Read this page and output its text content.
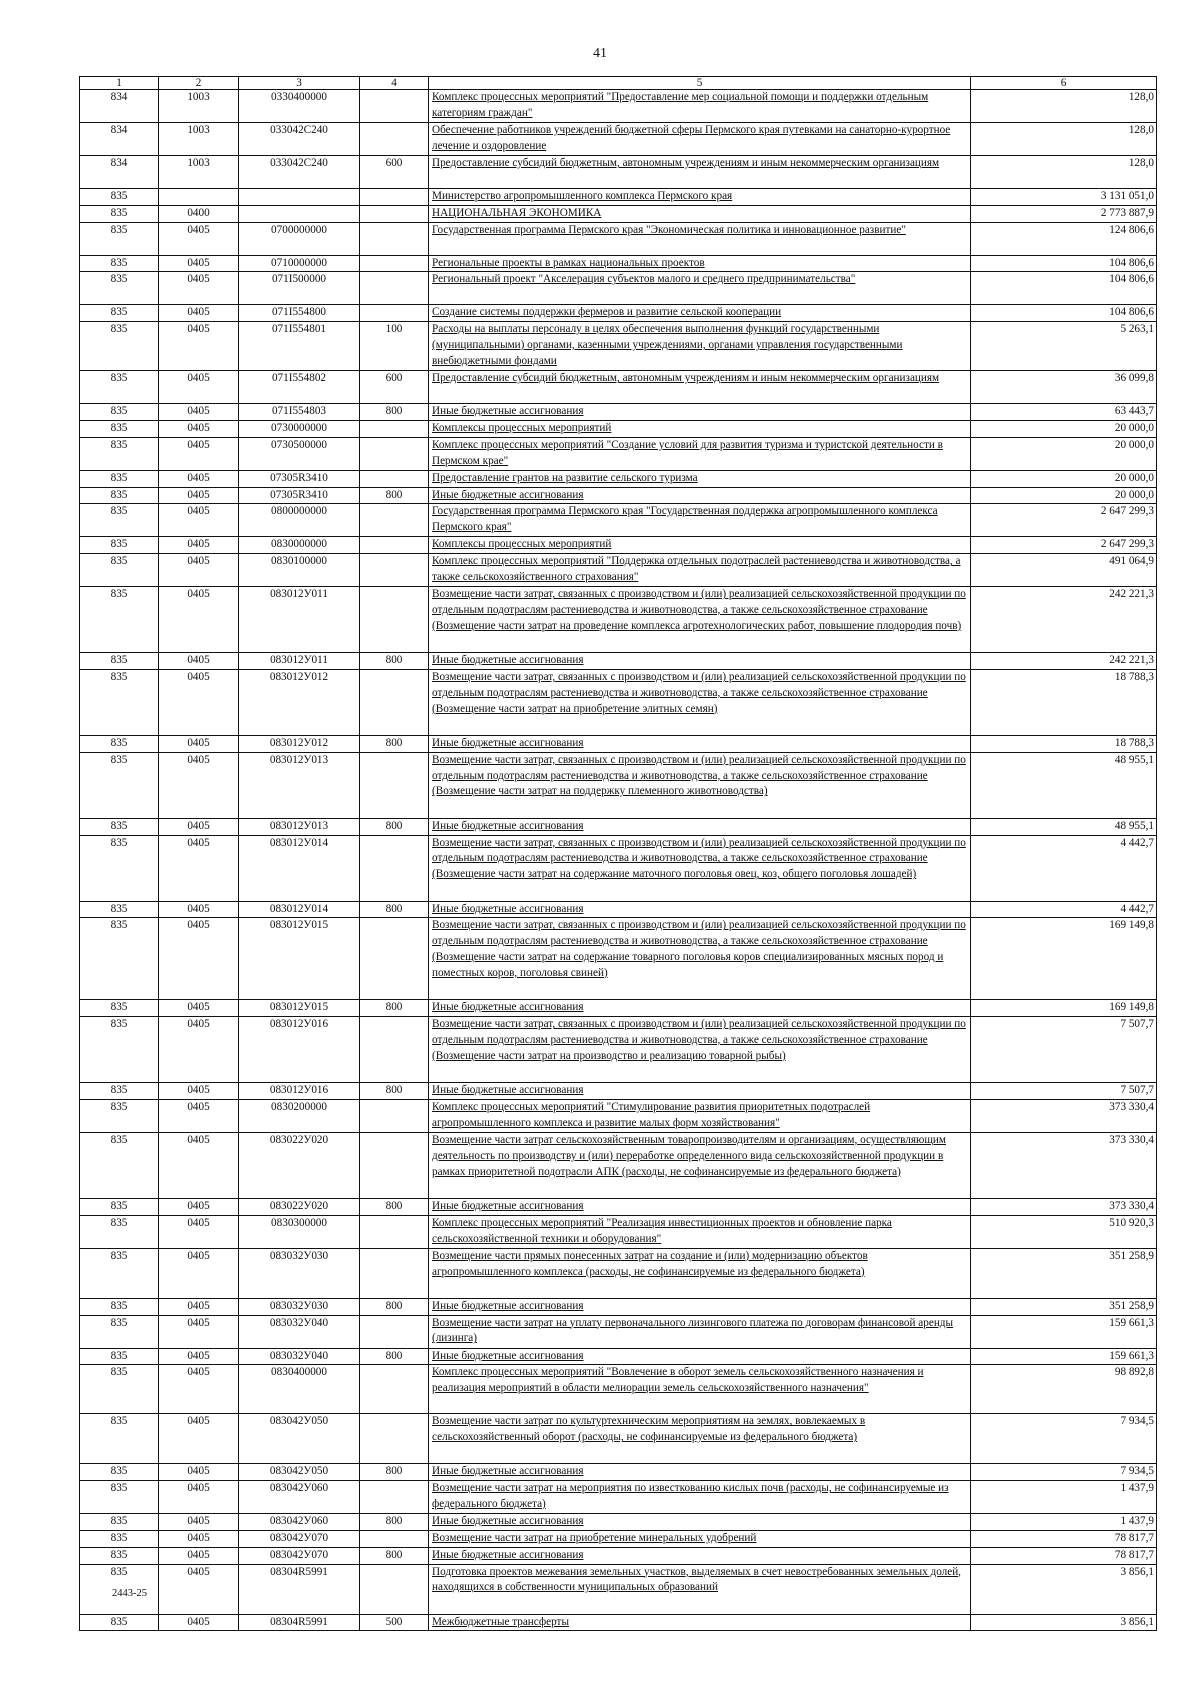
41
1	2	3	4	5	6
834	1003	0330400000		Комплекс процессных мероприятий "Предоставление мер социальной помощи и поддержки отдельным категориям граждан"	128,0
834	1003	033042С240		Обеспечение работников учреждений бюджетной сферы Пермского края путевками на санаторно-курортное лечение и оздоровление	128,0
834	1003	033042С240	600	Предоставление субсидий бюджетным, автономным учреждениям и иным некоммерческим организациям	128,0
835				Министерство агропромышленного комплекса Пермского края	3 131 051,0
835	0400			НАЦИОНАЛЬНАЯ ЭКОНОМИКА	2 773 887,9
835	0405	0700000000		Государственная программа Пермского края "Экономическая политика и инновационное развитие"	124 806,6
835	0405	0710000000		Региональные проекты в рамках национальных проектов	104 806,6
835	0405	071I500000		Региональный проект "Акселерация субъектов малого и среднего предпринимательства"	104 806,6
835	0405	071I554800		Создание системы поддержки фермеров и развитие сельской кооперации	104 806,6
835	0405	071I554801	100	Расходы на выплаты персоналу в целях обеспечения выполнения функций государственными (муниципальными) органами, казенными учреждениями, органами управления государственными внебюджетными фондами	5 263,1
835	0405	071I554802	600	Предоставление субсидий бюджетным, автономным учреждениям и иным некоммерческим организациям	36 099,8
835	0405	071I554803	800	Иные бюджетные ассигнования	63 443,7
835	0405	0730000000		Комплексы процессных мероприятий	20 000,0
835	0405	0730500000		Комплекс процессных мероприятий "Создание условий для развития туризма и туристской деятельности в Пермском крае"	20 000,0
835	0405	07305R3410		Предоставление грантов на развитие сельского туризма	20 000,0
835	0405	07305R3410	800	Иные бюджетные ассигнования	20 000,0
835	0405	0800000000		Государственная программа Пермского края "Государственная поддержка агропромышленного комплекса Пермского края"	2 647 299,3
835	0405	0830000000		Комплексы процессных мероприятий	2 647 299,3
835	0405	0830100000		Комплекс процессных мероприятий "Поддержка отдельных подотраслей растениеводства и животноводства, а также сельскохозяйственного страхования"	491 064,9
835	0405	083012У011		Возмещение части затрат, связанных с производством и (или) реализацией сельскохозяйственной продукции по отдельным подотраслям растениеводства и животноводства, а также сельскохозяйственное страхование (Возмещение части затрат на проведение комплекса агротехнологических работ, повышение плодородия почв)	242 221,3
835	0405	083012У011	800	Иные бюджетные ассигнования	242 221,3
835	0405	083012У012		Возмещение части затрат, связанных с производством и (или) реализацией сельскохозяйственной продукции по отдельным подотраслям растениеводства и животноводства, а также сельскохозяйственное страхование (Возмещение части затрат на приобретение элитных семян)	18 788,3
835	0405	083012У012	800	Иные бюджетные ассигнования	18 788,3
835	0405	083012У013		Возмещение части затрат, связанных с производством и (или) реализацией сельскохозяйственной продукции по отдельным подотраслям растениеводства и животноводства, а также сельскохозяйственное страхование (Возмещение части затрат на поддержку племенного животноводства)	48 955,1
835	0405	083012У013	800	Иные бюджетные ассигнования	48 955,1
835	0405	083012У014		Возмещение части затрат, связанных с производством и (или) реализацией сельскохозяйственной продукции по отдельным подотраслям растениеводства и животноводства, а также сельскохозяйственное страхование (Возмещение части затрат на содержание маточного поголовья овец, коз, общего поголовья лошадей)	4 442,7
835	0405	083012У014	800	Иные бюджетные ассигнования	4 442,7
835	0405	083012У015		Возмещение части затрат, связанных с производством и (или) реализацией сельскохозяйственной продукции по отдельным подотраслям растениеводства и животноводства, а также сельскохозяйственное страхование (Возмещение части затрат на содержание товарного поголовья коров специализированных мясных пород и поместных коров, поголовья свиней)	169 149,8
835	0405	083012У015	800	Иные бюджетные ассигнования	169 149,8
835	0405	083012У016		Возмещение части затрат, связанных с производством и (или) реализацией сельскохозяйственной продукции по отдельным подотраслям растениеводства и животноводства, а также сельскохозяйственное страхование (Возмещение части затрат на производство и реализацию товарной рыбы)	7 507,7
835	0405	083012У016	800	Иные бюджетные ассигнования	7 507,7
835	0405	0830200000		Комплекс процессных мероприятий "Стимулирование развития приоритетных подотраслей агропромышленного комплекса и развитие малых форм хозяйствования"	373 330,4
835	0405	083022У020		Возмещение части затрат сельскохозяйственным товаропроизводителям и организациям, осуществляющим деятельность по производству и (или) переработке определенного вида сельскохозяйственной продукции в рамках приоритетной подотрасли АПК (расходы, не софинансируемые из федерального бюджета)	373 330,4
835	0405	083022У020	800	Иные бюджетные ассигнования	373 330,4
835	0405	0830300000		Комплекс процессных мероприятий "Реализация инвестиционных проектов и обновление парка сельскохозяйственной техники и оборудования"	510 920,3
835	0405	083032У030		Возмещение части прямых понесенных затрат на создание и (или) модернизацию объектов агропромышленного комплекса (расходы, не софинансируемые из федерального бюджета)	351 258,9
835	0405	083032У030	800	Иные бюджетные ассигнования	351 258,9
835	0405	083032У040		Возмещение части затрат на уплату первоначального лизингового платежа по договорам финансовой аренды (лизинга)	159 661,3
835	0405	083032У040	800	Иные бюджетные ассигнования	159 661,3
835	0405	0830400000		Комплекс процессных мероприятий "Вовлечение в оборот земель сельскохозяйственного назначения и реализация мероприятий в области мелиорации земель сельскохозяйственного назначения"	98 892,8
835	0405	083042У050		Возмещение части затрат по культуртехническим мероприятиям на землях, вовлекаемых в сельскохозяйственный оборот (расходы, не софинансируемые из федерального бюджета)	7 934,5
835	0405	083042У050	800	Иные бюджетные ассигнования	7 934,5
835	0405	083042У060		Возмещение части затрат на мероприятия по известкованию кислых почв (расходы, не софинансируемые из федерального бюджета)	1 437,9
835	0405	083042У060	800	Иные бюджетные ассигнования	1 437,9
835	0405	083042У070		Возмещение части затрат на приобретение минеральных удобрений	78 817,7
835	0405	083042У070	800	Иные бюджетные ассигнования	78 817,7
835	0405	08304R5991		Подготовка проектов межевания земельных участков, выделяемых в счет невостребованных земельных долей, находящихся в собственности муниципальных образований	3 856,1
835	0405	08304R5991	500	Межбюджетные трансферты	3 856,1
2443-25
